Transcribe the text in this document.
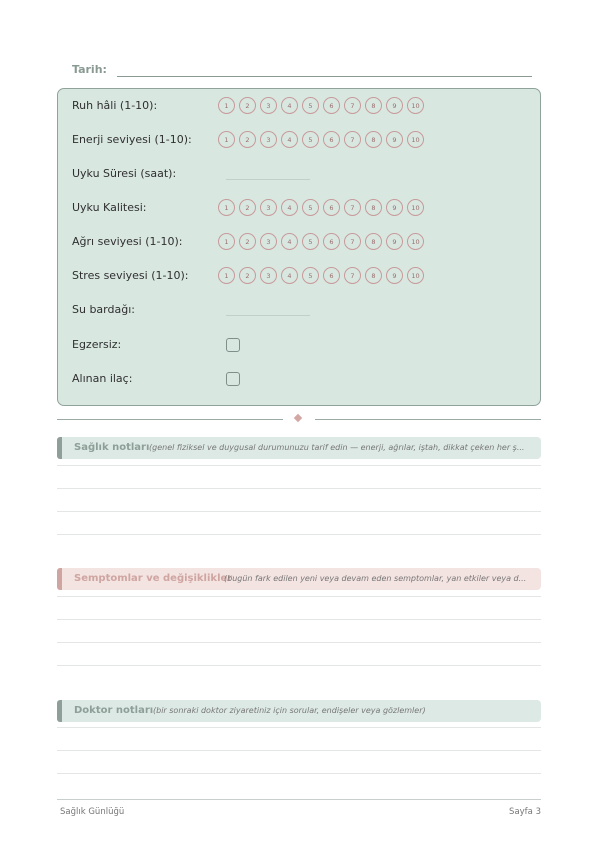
Tarih:
Ruh hâli (1-10):	1	2	3	4	5	6	7	8	9	10
Enerji seviyesi (1-10):	1	2	3	4	5	6	7	8	9	10
Uyku Süresi (saat):
Uyku Kalitesi:	1	2	3	4	5	6	7	8	9	10
Ağrı seviyesi (1-10):	1	2	3	4	5	6	7	8	9	10
Stres seviyesi (1-10):	1	2	3	4	5	6	7	8	9	10
Su bardağı:
Egzersiz:
Alınan ilaç:
Sağlık notları (genel fiziksel ve duygusal durumunuzu tarif edin — enerji, ağrılar, iştah, dikkat çeken her ş...
Semptomlar ve değişiklikler
(bugün fark edilen yeni veya devam eden semptomlar, yan etkiler veya d...
Doktor notları (bir sonraki doktor ziyaretiniz için sorular, endişeler veya gözlemler)
Sağlık Günlüğü	Sayfa 3
